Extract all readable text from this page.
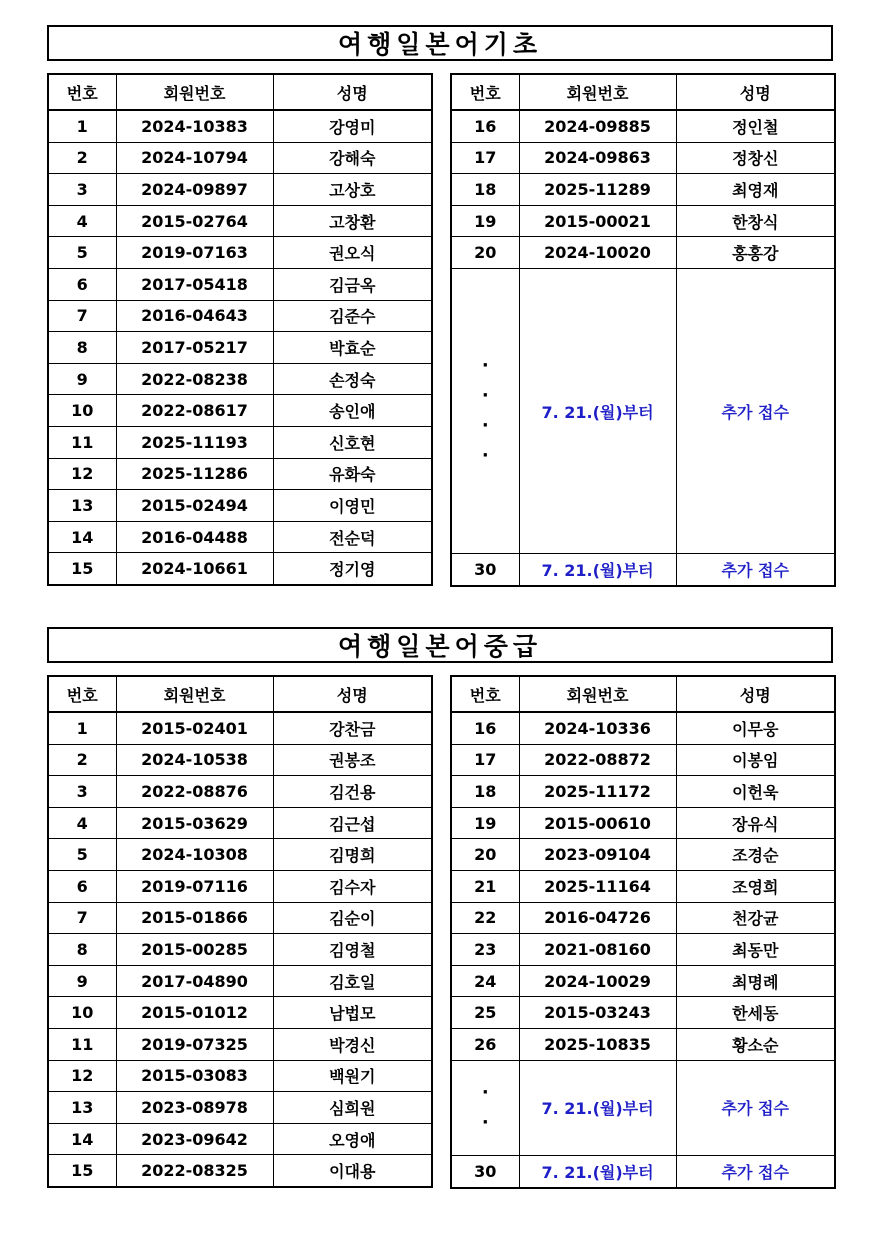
여행일본어기초
번호	회원번호	성명
1	2024-10383	강영미
2	2024-10794	강해숙
3	2024-09897	고상호
4	2015-02764	고창환
5	2019-07163	권오식
6	2017-05418	김금옥
7	2016-04643	김준수
8	2017-05217	박효순
9	2022-08238	손정숙
10	2022-08617	송인애
11	2025-11193	신호현
12	2025-11286	유화숙
13	2015-02494	이영민
14	2016-04488	전순덕
15	2024-10661	정기영
번호	회원번호	성명
16	2024-09885	정인철
17	2024-09863	정창신
18	2025-11289	최영재
19	2015-00021	한창식
20	2024-10020	홍홍강

·
·
·
·	7. 21.(월)부터	추가 접수
30	7. 21.(월)부터	추가 접수
여행일본어중급
번호	회원번호	성명
1	2015-02401	강찬금
2	2024-10538	권봉조
3	2022-08876	김건용
4	2015-03629	김근섭
5	2024-10308	김명희
6	2019-07116	김수자
7	2015-01866	김순이
8	2015-00285	김영철
9	2017-04890	김호일
10	2015-01012	남법모
11	2019-07325	박경신
12	2015-03083	백원기
13	2023-08978	심희원
14	2023-09642	오영애
15	2022-08325	이대용
번호	회원번호	성명
16	2024-10336	이무웅
17	2022-08872	이봉임
18	2025-11172	이헌욱
19	2015-00610	장유식
20	2023-09104	조경순
21	2025-11164	조영희
22	2016-04726	천강균
23	2021-08160	최동만
24	2024-10029	최명례
25	2015-03243	한세동
26	2025-10835	황소순

·
·	7. 21.(월)부터	추가 접수
30	7. 21.(월)부터	추가 접수
